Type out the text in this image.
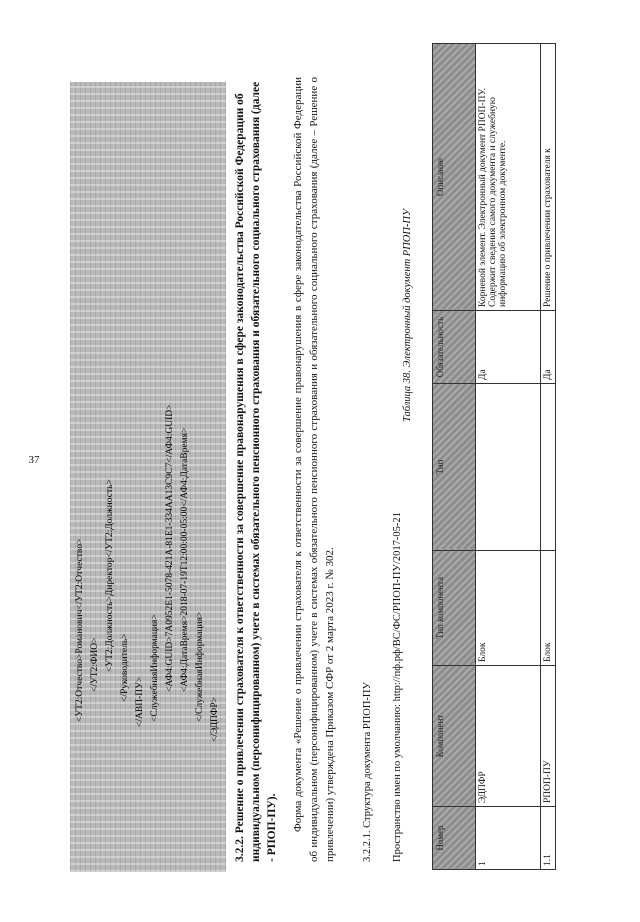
37
<УТ2:Отчество>Романович</УТ2:Отчество> </УТ2:ФИО> <УТ2:Должность>Директор</УТ2:Должность> </Руководитель> </АВП-ПУ> <СлужебнаяИнформация> <АФ4:GUID>7A0952E1-5078-421A-81E1-334AA13C9C7</АФ4:GUID> <АФ4:ДатаВремя>2018-07-19T12:00:00-05:00</АФ4:ДатаВремя> </СлужебнаяИнформация> </ЭДПФР> 3.2.2. Решение о привлечении страхователя к ответственности за совершение правонарушения в сфере законодательства Российской Федерации об индивидуальном (персонифицированном) учете в системах обязательного пенсионного страхования и обязательного социального страхования (далее - РПОП-ПУ). Форма документа «Решение о привлечении страхователя к ответственности за совершение правонарушения в сфере законодательства Российской Федерации об индивидуальном (персонифицированном) учете в системах обязательного пенсионного страхования и обязательного социального страхования (далее – Решение о привлечении) утверждена Приказом СФР от 2 марта 2023 г. № 302. 3.2.2.1. Структура документа РПОП-ПУ Пространство имен по умолчанию: http://пф.рф/ВС/ФС/РПОП-ПУ/2017-05-21
Таблица 38. Электронный документ РПОП-ПУ
Номер	Компонент	Тип компонента	Тип	Обязательность	Описание
1	ЭДПФР	Блок		Да	Корневой элемент. Электронный документ РПОП-ПУ. Содержит сведения самого документа и служебную информацию об электронном документе.
1.1	РПОП-ПУ	Блок		Да	Решение о привлечении страхователя к
